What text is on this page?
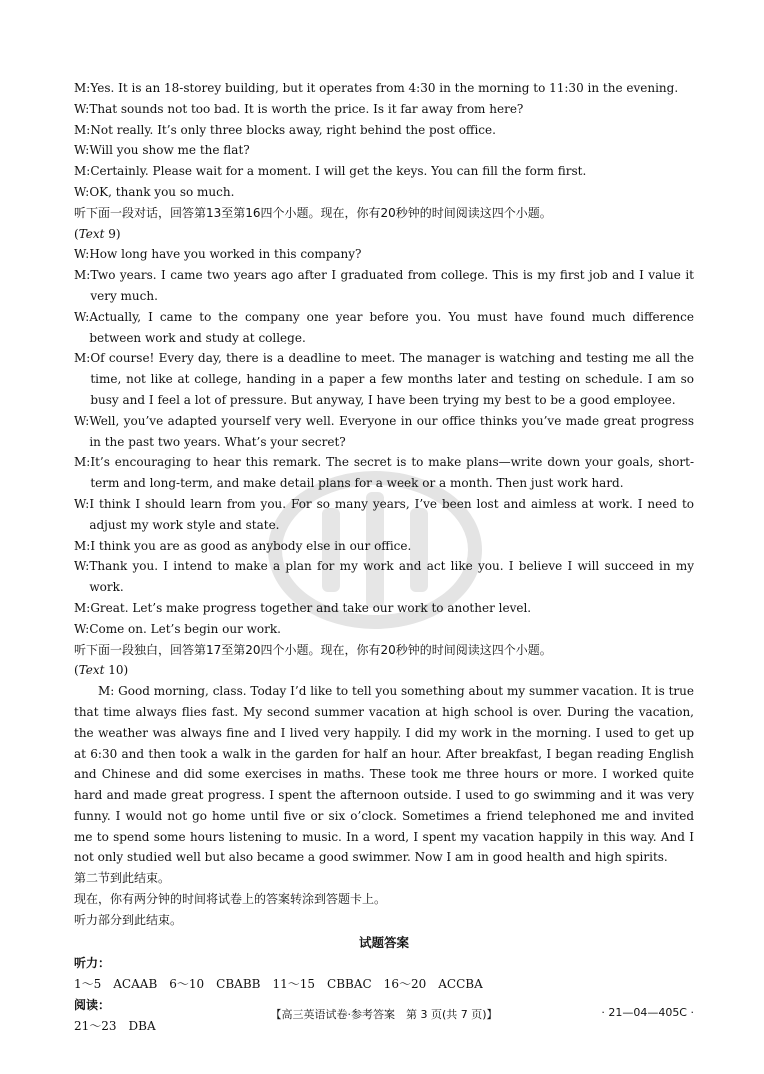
M: Yes. It is an 18-storey building, but it operates from 4:30 in the morning to 11:30 in the evening.
W: That sounds not too bad. It is worth the price. Is it far away from here?
M: Not really. It’s only three blocks away, right behind the post office.
W: Will you show me the flat?
M: Certainly. Please wait for a moment. I will get the keys. You can fill the form first.
W: OK, thank you so much.
听下面一段对话，回答第13至第16四个小题。现在，你有20秒钟的时间阅读这四个小题。
(Text 9)
W: How long have you worked in this company?
M: Two years. I came two years ago after I graduated from college. This is my first job and I value it very much.
W: Actually, I came to the company one year before you. You must have found much difference between work and study at college.
M: Of course! Every day, there is a deadline to meet. The manager is watching and testing me all the time, not like at college, handing in a paper a few months later and testing on schedule. I am so busy and I feel a lot of pressure. But anyway, I have been trying my best to be a good employee.
W: Well, you’ve adapted yourself very well. Everyone in our office thinks you’ve made great progress in the past two years. What’s your secret?
M: It’s encouraging to hear this remark. The secret is to make plans—write down your goals, short-term and long-term, and make detail plans for a week or a month. Then just work hard.
W: I think I should learn from you. For so many years, I’ve been lost and aimless at work. I need to adjust my work style and state.
M: I think you are as good as anybody else in our office.
W: Thank you. I intend to make a plan for my work and act like you. I believe I will succeed in my work.
M: Great. Let’s make progress together and take our work to another level.
W: Come on. Let’s begin our work.
听下面一段独白，回答第17至第20四个小题。现在，你有20秒钟的时间阅读这四个小题。
(Text 10)
M: Good morning, class. Today I’d like to tell you something about my summer vacation. It is true that time always flies fast. My second summer vacation at high school is over. During the vacation, the weather was always fine and I lived very happily. I did my work in the morning. I used to get up at 6:30 and then took a walk in the garden for half an hour. After breakfast, I began reading English and Chinese and did some exercises in maths. These took me three hours or more. I worked quite hard and made great progress. I spent the afternoon outside. I used to go swimming and it was very funny. I would not go home until five or six o’clock. Sometimes a friend telephoned me and invited me to spend some hours listening to music. In a word, I spent my vacation happily in this way. And I not only studied well but also became a good swimmer. Now I am in good health and high spirits.
第二节到此结束。
现在，你有两分钟的时间将试卷上的答案转涂到答题卡上。
听力部分到此结束。
试题答案
听力：
1～5　ACAAB　6～10　CBABB　11～15　CBBAC　16～20　ACCBA
阅读：
21～23　DBA
【高三英语试卷·参考答案　第 3 页(共 7 页)】	· 21—04—405C ·
